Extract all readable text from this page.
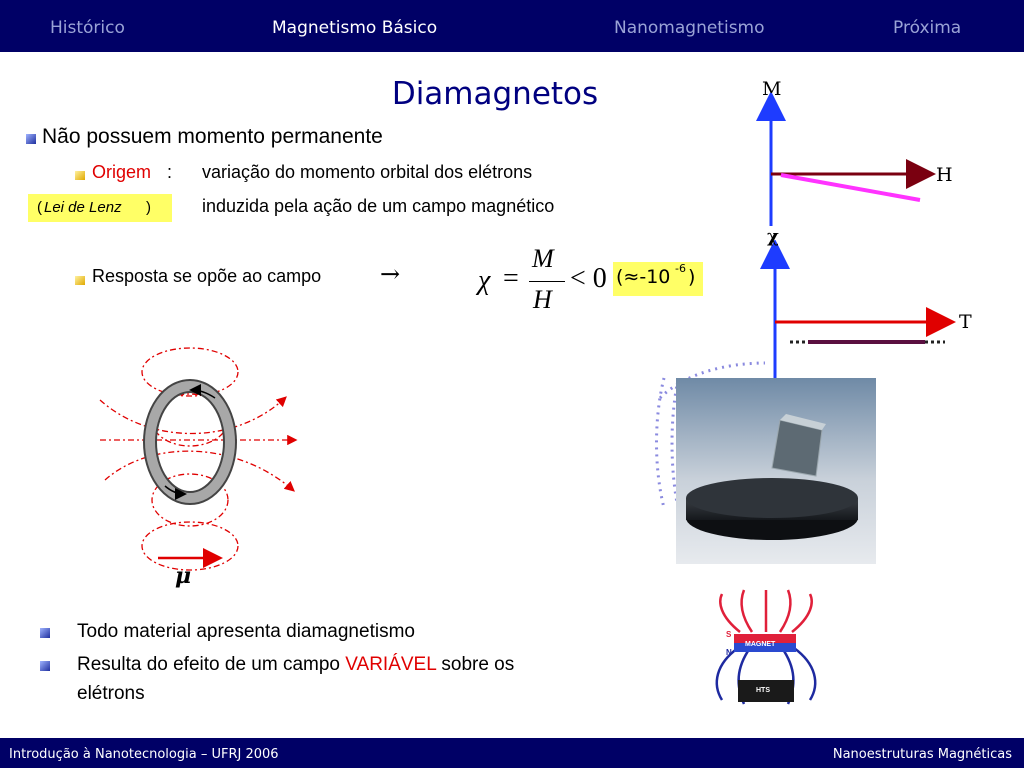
Histórico	Magnetismo Básico	Nanomagnetismo	Próxima
Diamagnetos
Não possuem momento permanente
Origem : variação do momento orbital dos elétrons
induzida pela ação de um campo magnético
( Lei de Lenz )
Resposta se opõe ao campo →	χ =
M
H
< 0 (≈-10 -6 )
μ
M
H
χ
T
S
N
MAGNET
HTS
Todo material apresenta diamagnetismo
Resulta do efeito de um campo VARIÁVEL sobre os
elétrons
Introdução à Nanotecnologia – UFRJ 2006	Nanoestruturas Magnéticas
